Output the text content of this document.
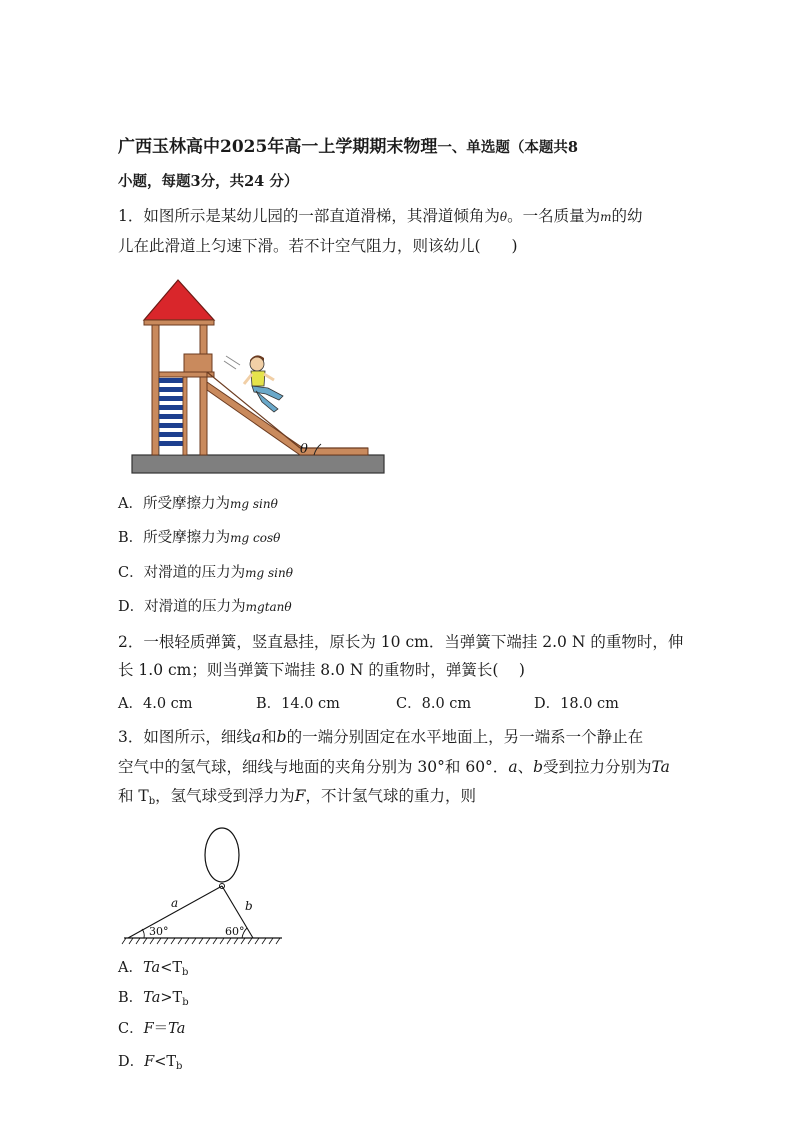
广西玉林高中2025年高一上学期期末物理一、单选题（本题共8
小题，每题3分，共24 分）
1．如图所示是某幼儿园的一部直道滑梯，其滑道倾角为θ。一名质量为m的幼
儿在此滑道上匀速下滑。若不计空气阻力，则该幼儿(　　)
θ
A．所受摩擦力为mg sinθ
B．所受摩擦力为mg cosθ
C．对滑道的压力为mg sinθ
D．对滑道的压力为mgtanθ
2．一根轻质弹簧，竖直悬挂，原长为 10 cm．当弹簧下端挂 2.0 N 的重物时，伸
长 1.0 cm；则当弹簧下端挂 8.0 N 的重物时，弹簧长(　 )
A．4.0 cm	B．14.0 cm	C．8.0 cm	D．18.0 cm
3．如图所示，细线a和b的一端分别固定在水平地面上，另一端系一个静止在
空气中的氢气球，细线与地面的夹角分别为 30°和 60°．a、b受到拉力分别为Ta
和 $T_b$，氢气球受到浮力为F，不计氢气球的重力，则
a	b
30°	60°
A．$Ta<T_b$
B．$Ta>T_b$
C．F＝Ta
D．$F<T_b$
